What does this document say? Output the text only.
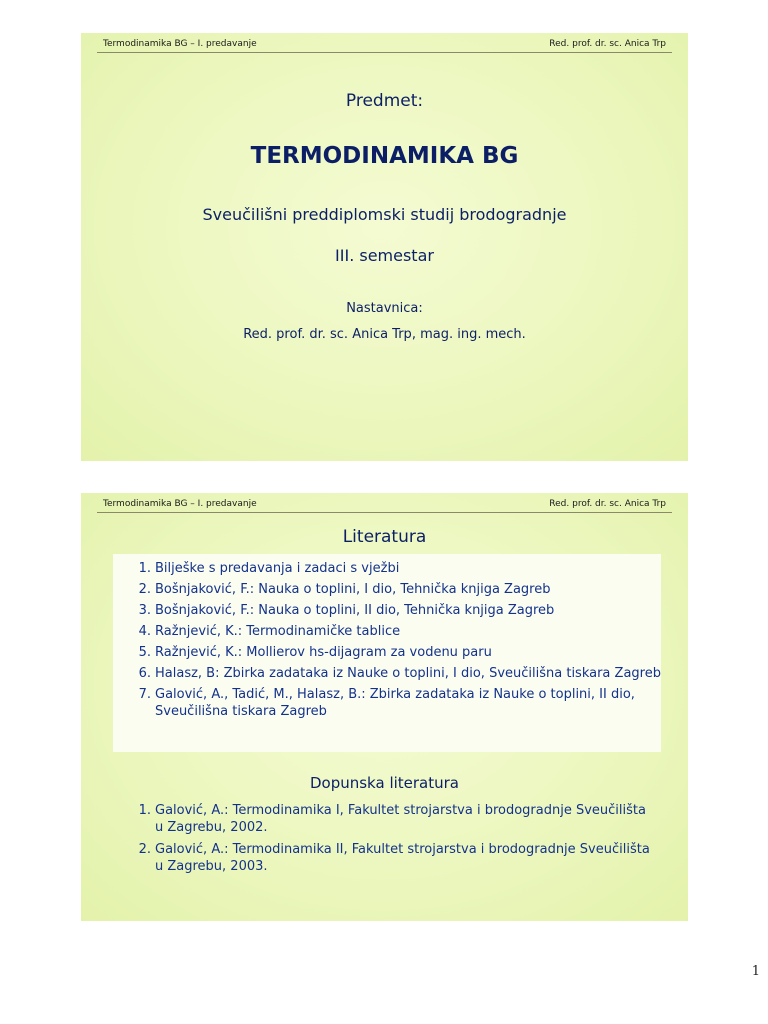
Termodinamika BG – I. predavanje	Red. prof. dr. sc. Anica Trp
Predmet:
TERMODINAMIKA BG
Sveučilišni preddiplomski studij brodogradnje
III. semestar
Nastavnica:
Red. prof. dr. sc. Anica Trp, mag. ing. mech.
Termodinamika BG – I. predavanje	Red. prof. dr. sc. Anica Trp
Literatura
1. Bilješke s predavanja i zadaci s vježbi
2. Bošnjaković, F.: Nauka o toplini, I dio, Tehnička knjiga Zagreb
3. Bošnjaković, F.: Nauka o toplini, II dio, Tehnička knjiga Zagreb
4. Ražnjević, K.: Termodinamičke tablice
5. Ražnjević, K.: Mollierov hs-dijagram za vodenu paru
6. Halasz, B: Zbirka zadataka iz Nauke o toplini, I dio, Sveučilišna tiskara Zagreb
7. Galović, A., Tadić, M., Halasz, B.: Zbirka zadataka iz Nauke o toplini, II dio, Sveučilišna tiskara Zagreb
Dopunska literatura
1. Galović, A.: Termodinamika I, Fakultet strojarstva i brodogradnje Sveučilišta u Zagrebu, 2002.
2. Galović, A.: Termodinamika II, Fakultet strojarstva i brodogradnje Sveučilišta u Zagrebu, 2003.
1
